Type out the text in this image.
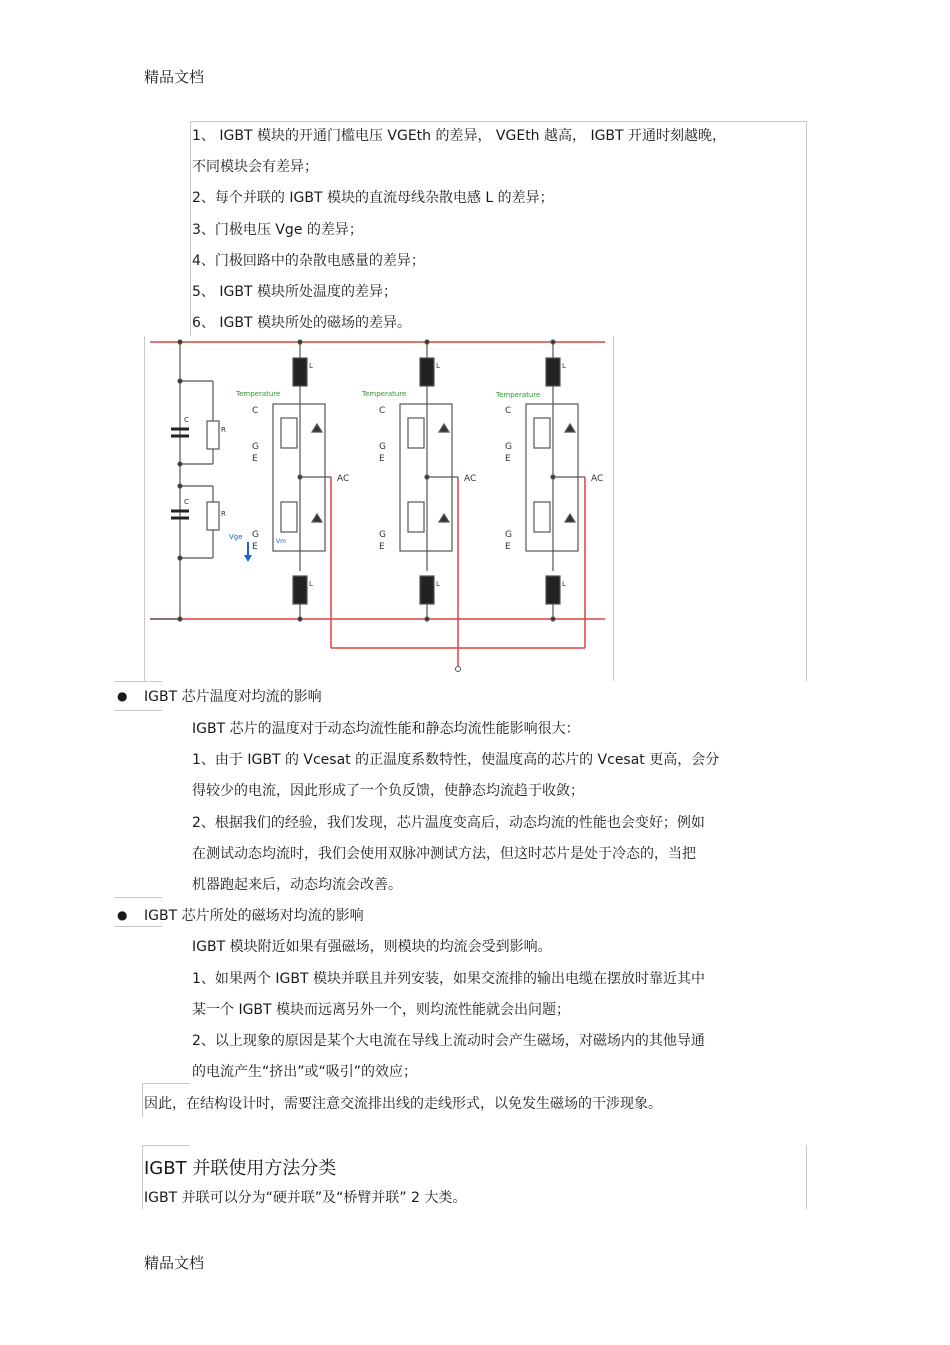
精品文档
1、 IGBT 模块的开通门槛电压 VGEth 的差异， VGEth 越高， IGBT 开通时刻越晚，
不同模块会有差异；
2、每个并联的 IGBT 模块的直流母线杂散电感 L 的差异；
3、门极电压 Vge 的差异；
4、门极回路中的杂散电感量的差异；
5、 IGBT 模块所处温度的差异；
6、 IGBT 模块所处的磁场的差异。
C
C
R
R
Temperature	Temperature	Temperature
L	L	L
L	L	L
C
G
E
G
E
AC
C
G
E
G
E
AC
C
G
E
G
E
AC
Vge
Vm
● IGBT 芯片温度对均流的影响
IGBT 芯片的温度对于动态均流性能和静态均流性能影响很大：
1、由于 IGBT 的 Vcesat 的正温度系数特性，使温度高的芯片的 Vcesat 更高，会分
得较少的电流，因此形成了一个负反馈，使静态均流趋于收敛；
2、根据我们的经验，我们发现，芯片温度变高后，动态均流的性能也会变好；例如
在测试动态均流时，我们会使用双脉冲测试方法，但这时芯片是处于冷态的，当把
机器跑起来后，动态均流会改善。
● IGBT 芯片所处的磁场对均流的影响
IGBT 模块附近如果有强磁场，则模块的均流会受到影响。
1、如果两个 IGBT 模块并联且并列安装，如果交流排的输出电缆在摆放时靠近其中
某一个 IGBT 模块而远离另外一个，则均流性能就会出问题；
2、以上现象的原因是某个大电流在导线上流动时会产生磁场，对磁场内的其他导通
的电流产生“挤出”或“吸引”的效应；
因此，在结构设计时，需要注意交流排出线的走线形式，以免发生磁场的干涉现象。
IGBT 并联使用方法分类
IGBT 并联可以分为“硬并联”及“桥臂并联” 2 大类。
精品文档
